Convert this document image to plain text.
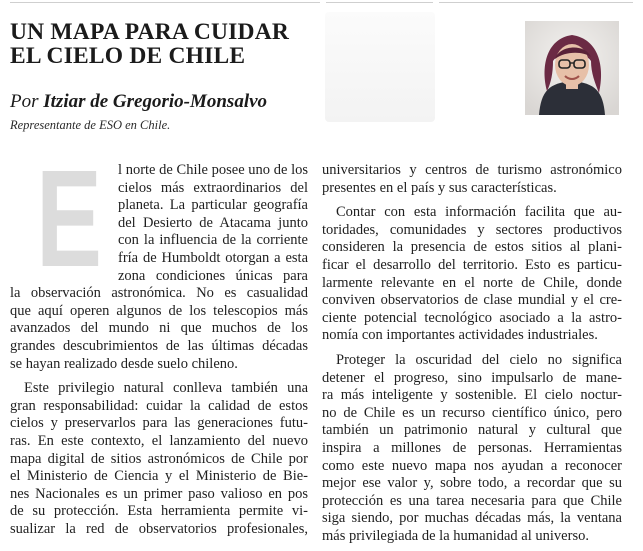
UN MAPA PARA CUIDAR
EL CIELO DE CHILE

Por Itziar de Gregorio-Monsalvo

Representante de ESO en Chile.

E l norte de Chile posee uno de los
cielos más extraordinarios del
planeta. La particular geografía
del Desierto de Atacama junto
con la influencia de la corriente
fría de Humboldt otorgan a esta
zona condiciones únicas para
la observación astronómica. No es casualidad
que aquí operen algunos de los telescopios más
avanzados del mundo ni que muchos de los
grandes descubrimientos de las últimas décadas
se hayan realizado desde suelo chileno.
Este privilegio natural conlleva también una
gran responsabilidad: cuidar la calidad de estos
cielos y preservarlos para las generaciones futu-
ras. En este contexto, el lanzamiento del nuevo
mapa digital de sitios astronómicos de Chile por
el Ministerio de Ciencia y el Ministerio de Bie-
nes Nacionales es un primer paso valioso en pos
de su protección. Esta herramienta permite vi-
sualizar la red de observatorios profesionales,
universitarios y centros de turismo astronómico
presentes en el país y sus características.
Contar con esta información facilita que au-
toridades, comunidades y sectores productivos
consideren la presencia de estos sitios al plani-
ficar el desarrollo del territorio. Esto es particu-
larmente relevante en el norte de Chile, donde
conviven observatorios de clase mundial y el cre-
ciente potencial tecnológico asociado a la astro-
nomía con importantes actividades industriales.
Proteger la oscuridad del cielo no significa
detener el progreso, sino impulsarlo de mane-
ra más inteligente y sostenible. El cielo noctur-
no de Chile es un recurso científico único, pero
también un patrimonio natural y cultural que
inspira a millones de personas. Herramientas
como este nuevo mapa nos ayudan a reconocer
mejor ese valor y, sobre todo, a recordar que su
protección es una tarea necesaria para que Chile
siga siendo, por muchas décadas más, la ventana
más privilegiada de la humanidad al universo.
